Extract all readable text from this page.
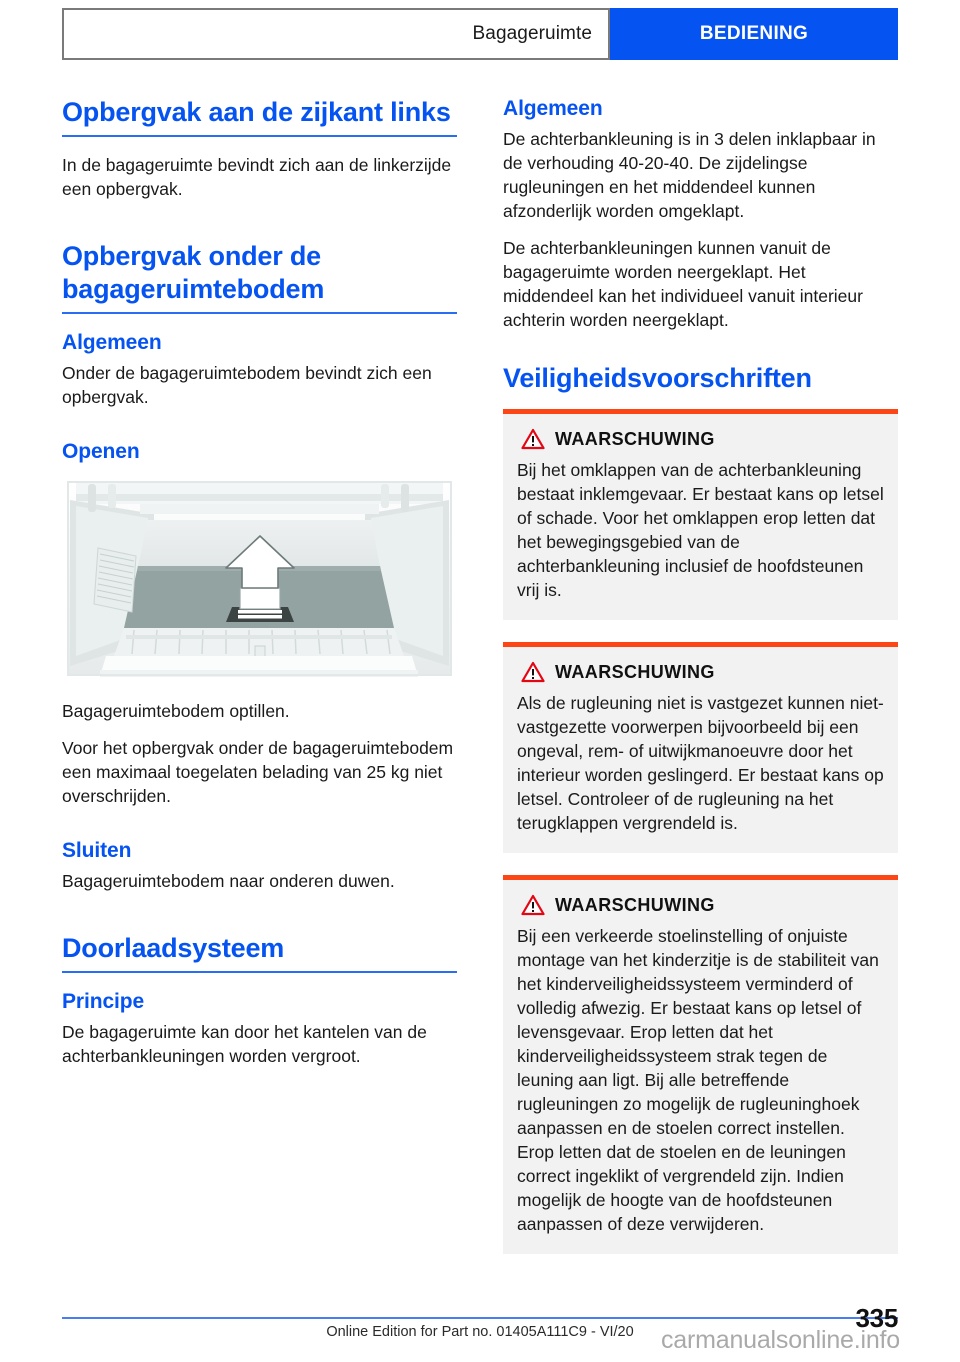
Bagageruimte	BEDIENING
Opbergvak aan de zijkant links

In de bagageruimte bevindt zich aan de linkerzijde een opbergvak.

Opbergvak onder de bagageruimtebodem
Algemeen

Onder de bagageruimtebodem bevindt zich een opbergvak.

Openen

Bagageruimtebodem optillen.

Voor het opbergvak onder de bagageruimtebodem een maximaal toegelaten belading van 25 kg niet overschrijden.

Sluiten

Bagageruimtebodem naar onderen duwen.

Doorlaadsysteem
Principe

De bagageruimte kan door het kantelen van de achterbankleuningen worden vergroot.

Algemeen

De achterbankleuning is in 3 delen inklapbaar in de verhouding 40-20-40. De zijdelingse rugleuningen en het middendeel kunnen afzonderlijk worden omgeklapt.

De achterbankleuningen kunnen vanuit de bagageruimte worden neergeklapt. Het middendeel kan het individueel vanuit interieur achterin worden neergeklapt.

Veiligheidsvoorschriften
WAARSCHUWING

Bij het omklappen van de achterbankleuning bestaat inklemgevaar. Er bestaat kans op letsel of schade. Voor het omklappen erop letten dat het bewegingsgebied van de achterbankleuning inclusief de hoofdsteunen vrij is.

WAARSCHUWING

Als de rugleuning niet is vastgezet kunnen niet-vastgezette voorwerpen bijvoorbeeld bij een ongeval, rem- of uitwijkmanoeuvre door het interieur worden geslingerd. Er bestaat kans op letsel. Controleer of de rugleuning na het terugklappen vergrendeld is.

WAARSCHUWING

Bij een verkeerde stoelinstelling of onjuiste montage van het kinderzitje is de stabiliteit van het kinderveiligheidssysteem verminderd of volledig afwezig. Er bestaat kans op letsel of levensgevaar. Erop letten dat het kinderveiligheidssysteem strak tegen de leuning aan ligt. Bij alle betreffende rugleuningen zo mogelijk de rugleuninghoek aanpassen en de stoelen correct instellen. Erop letten dat de stoelen en de leuningen correct ingeklikt of vergrendeld zijn. Indien mogelijk de hoogte van de hoofdsteunen aanpassen of deze verwijderen.

335
Online Edition for Part no. 01405A111C9 - VI/20 carmanualsonline.info
